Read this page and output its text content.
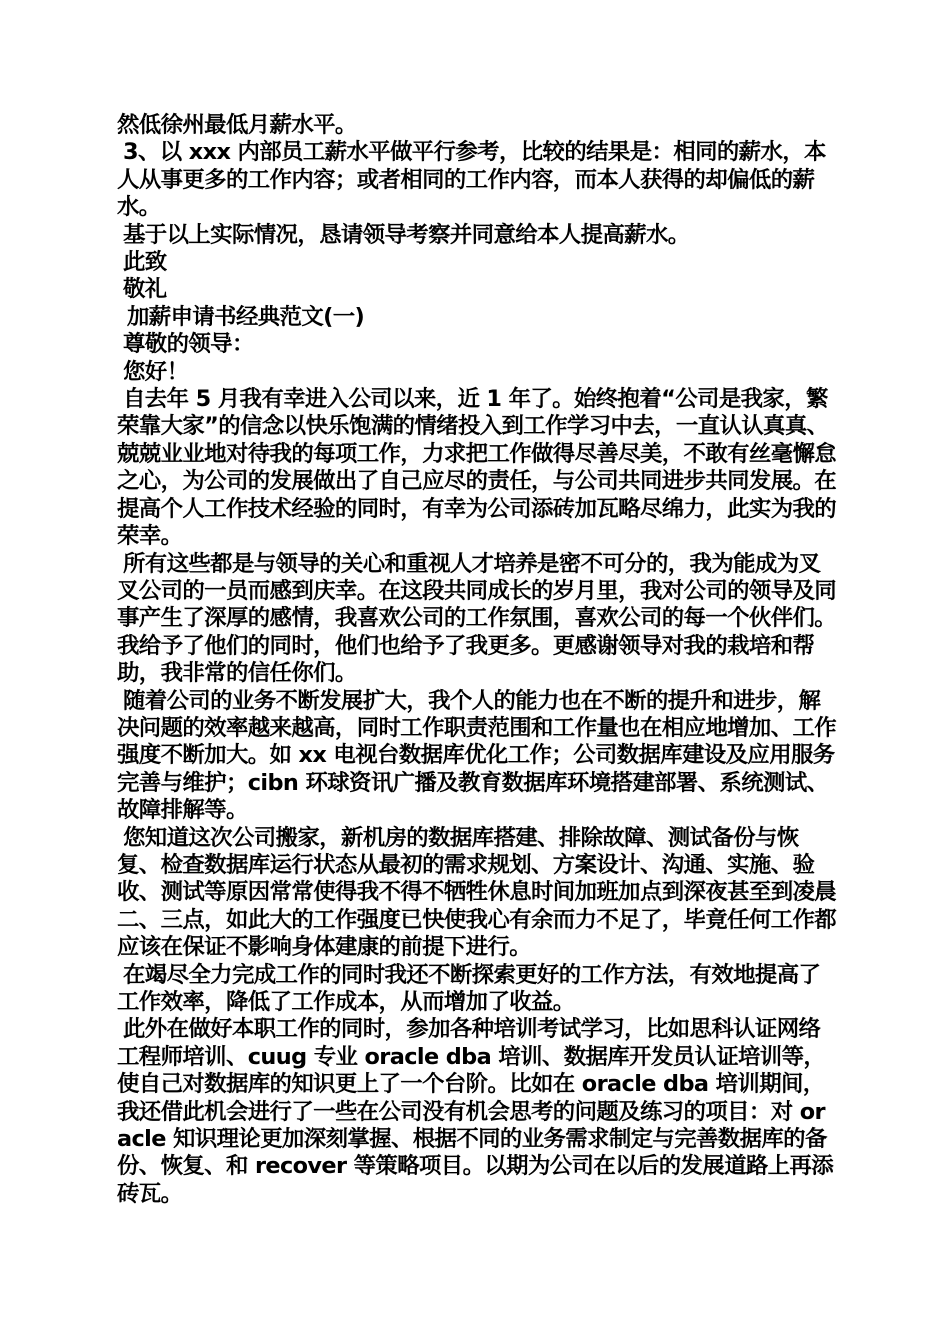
然低徐州最低月薪水平。

3、以 xxx 内部员工薪水平做平行参考，比较的结果是：相同的薪水，本人从事更多的工作内容；或者相同的工作内容，而本人获得的却偏低的薪水。

基于以上实际情况，恳请领导考察并同意给本人提高薪水。

此致

敬礼

加薪申请书经典范文(一)

尊敬的领导：

您好！

自去年 5 月我有幸进入公司以来，近 1 年了。始终抱着“公司是我家，繁荣靠大家”的信念以快乐饱满的情绪投入到工作学习中去，一直认认真真、兢兢业业地对待我的每项工作，力求把工作做得尽善尽美，不敢有丝毫懈怠之心，为公司的发展做出了自己应尽的责任，与公司共同进步共同发展。在提高个人工作技术经验的同时，有幸为公司添砖加瓦略尽绵力，此实为我的荣幸。

所有这些都是与领导的关心和重视人才培养是密不可分的，我为能成为叉叉公司的一员而感到庆幸。在这段共同成长的岁月里，我对公司的领导及同事产生了深厚的感情，我喜欢公司的工作氛围，喜欢公司的每一个伙伴们。我给予了他们的同时，他们也给予了我更多。更感谢领导对我的栽培和帮助，我非常的信任你们。

随着公司的业务不断发展扩大，我个人的能力也在不断的提升和进步，解决问题的效率越来越高，同时工作职责范围和工作量也在相应地增加、工作强度不断加大。如 xx 电视台数据库优化工作；公司数据库建设及应用服务完善与维护；cibn 环球资讯广播及教育数据库环境搭建部署、系统测试、故障排解等。

您知道这次公司搬家，新机房的数据库搭建、排除故障、测试备份与恢复、检查数据库运行状态从最初的需求规划、方案设计、沟通、实施、验收、测试等原因常常使得我不得不牺牲休息时间加班加点到深夜甚至到凌晨二、三点，如此大的工作强度已快使我心有余而力不足了，毕竟任何工作都应该在保证不影响身体建康的前提下进行。

在竭尽全力完成工作的同时我还不断探索更好的工作方法，有效地提高了工作效率，降低了工作成本，从而增加了收益。

此外在做好本职工作的同时，参加各种培训考试学习，比如思科认证网络工程师培训、cuug 专业 oracle dba 培训、数据库开发员认证培训等，使自己对数据库的知识更上了一个台阶。比如在 oracle dba 培训期间，我还借此机会进行了一些在公司没有机会思考的问题及练习的项目：对 oracle 知识理论更加深刻掌握、根据不同的业务需求制定与完善数据库的备份、恢复、和 recover 等策略项目。以期为公司在以后的发展道路上再添砖瓦。
